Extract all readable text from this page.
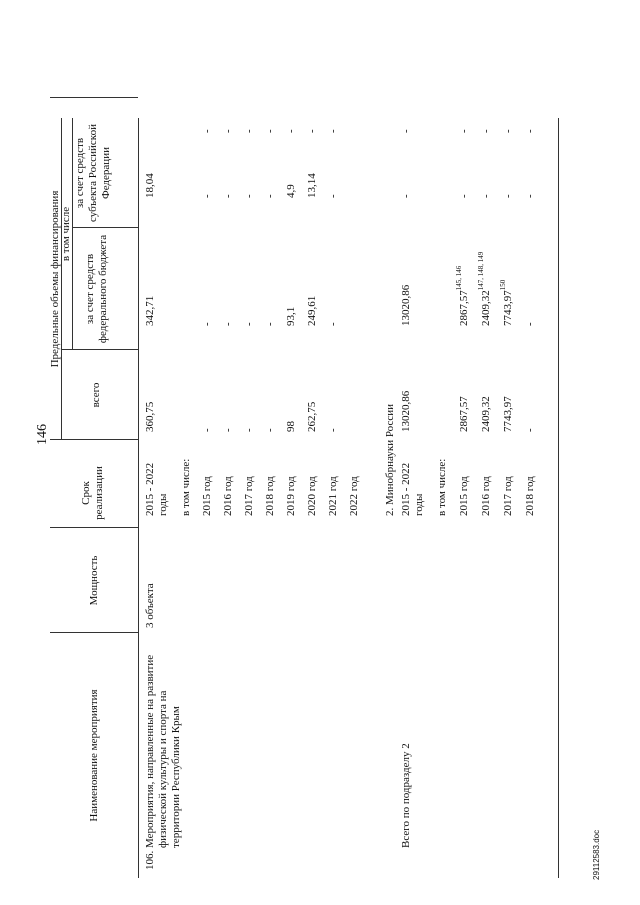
146
29112583.doc
Наименование мероприятия
Мощность
Срок реализации
Предельные объемы финансирования
всего
в том числе
за счет средств федерального бюджета
за счет средств субъекта Российской Федерации
106.
Мероприятия, направленные на развитие физической культуры и спорта на территории Республики Крым
3 объекта
2015 - 2022 годы
360,75
342,71
18,04
в том числе: 2015 год
-
-
-
-
2016 год
-
-
-
-
2017 год
-
-
-
-
2018 год
-
-
-
-
2019 год
98
93,1
4,9
-
2020 год
262,75
249,61
13,14
-
2021 год
-
-
-
-
2022 год 2. Минобрнауки России
Всего по подразделу 2
2015 - 2022 годы
13020,86
13020,86
-
-
в том числе: 2015 год
2867,57
2867,57$^{145, 146}$
-
-
2016 год
2409,32
2409,32$^{147, 148, 149}$
-
-
2017 год
7743,97
7743,97$^{150}$
-
-
2018 год
-
-
-
-
